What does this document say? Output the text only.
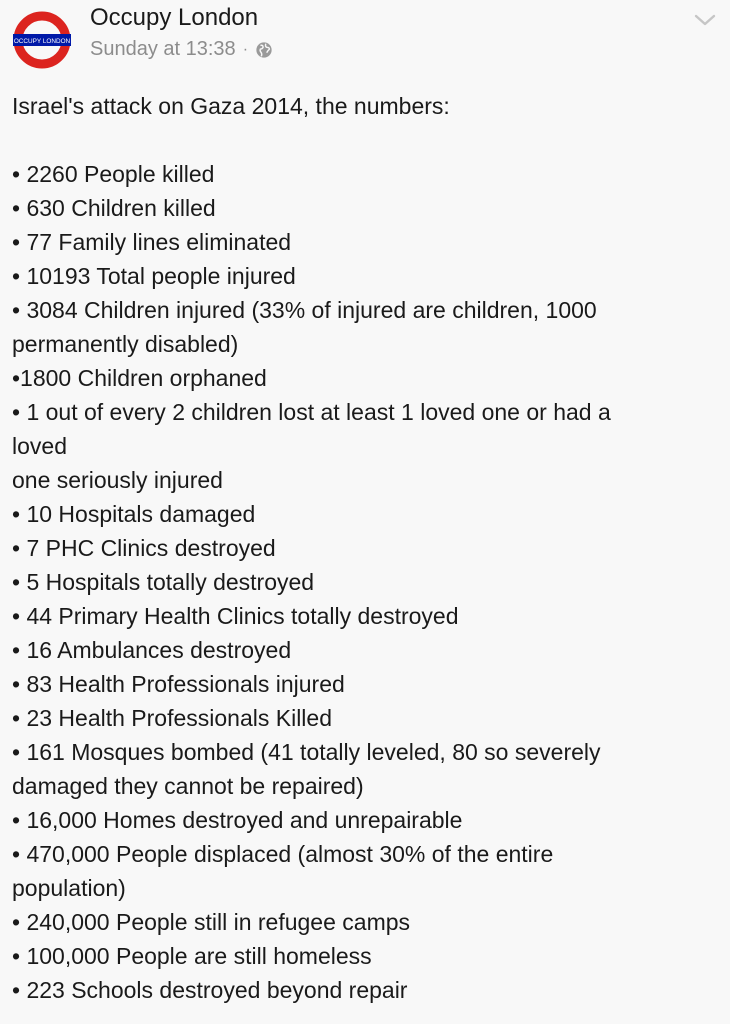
OCCUPY LONDON
Occupy London
Sunday at 13:38 ·
Israel's attack on Gaza 2014, the numbers:
• 2260 People killed
• 630 Children killed
• 77 Family lines eliminated
• 10193 Total people injured
• 3084 Children injured (33% of injured are children, 1000
permanently disabled)
•1800 Children orphaned
• 1 out of every 2 children lost at least 1 loved one or had a
loved
one seriously injured
• 10 Hospitals damaged
• 7 PHC Clinics destroyed
• 5 Hospitals totally destroyed
• 44 Primary Health Clinics totally destroyed
• 16 Ambulances destroyed
• 83 Health Professionals injured
• 23 Health Professionals Killed
• 161 Mosques bombed (41 totally leveled, 80 so severely
damaged they cannot be repaired)
• 16,000 Homes destroyed and unrepairable
• 470,000 People displaced (almost 30% of the entire
population)
• 240,000 People still in refugee camps
• 100,000 People are still homeless
• 223 Schools destroyed beyond repair
